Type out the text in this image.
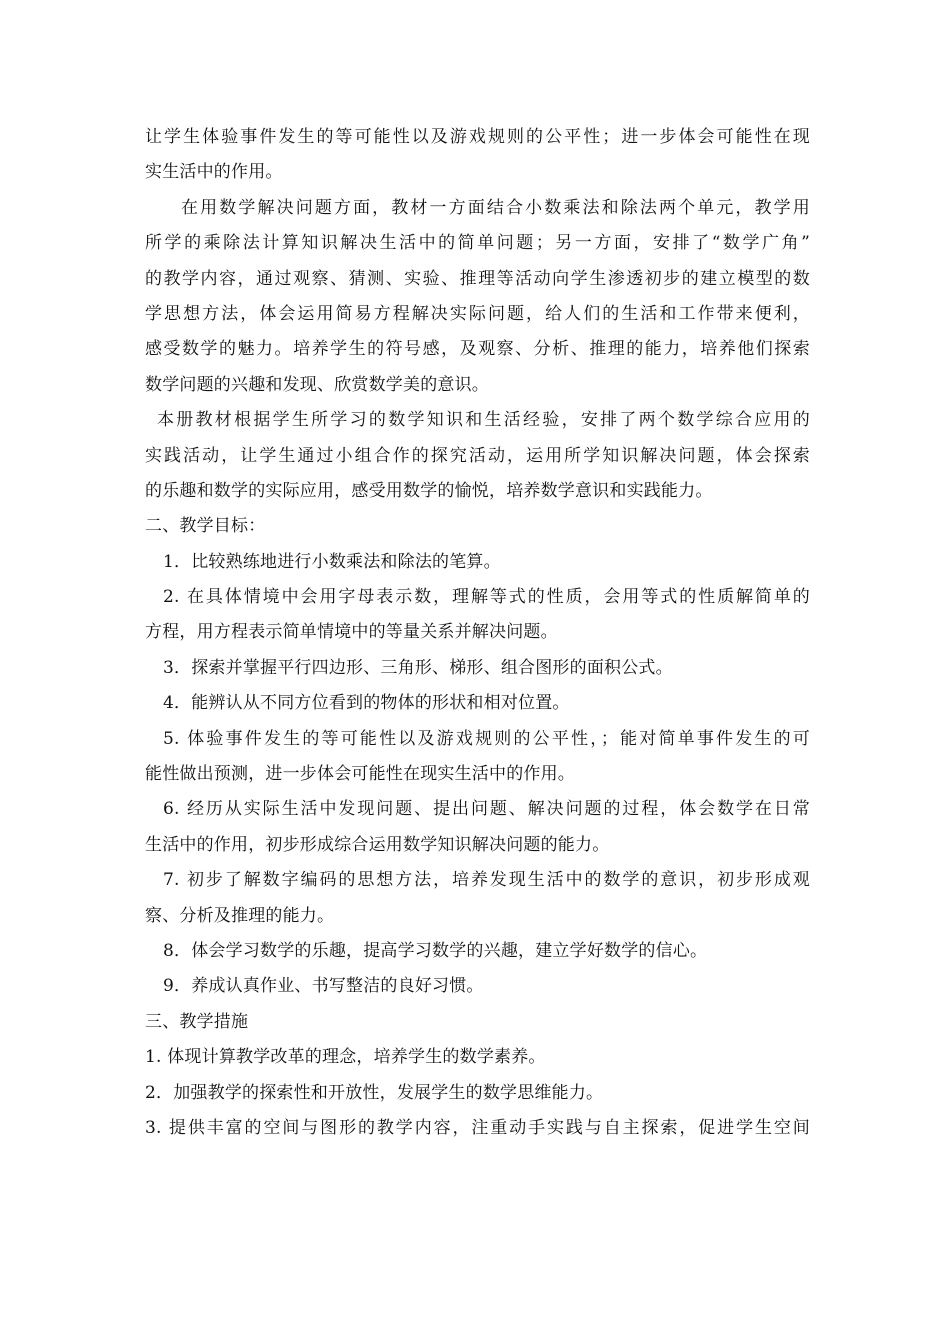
让学生体验事件发生的等可能性以及游戏规则的公平性；进一步体会可能性在现
实生活中的作用。
在用数学解决问题方面，教材一方面结合小数乘法和除法两个单元，教学用
所学的乘除法计算知识解决生活中的简单问题；另一方面，安排了“数学广角”
的教学内容，通过观察、猜测、实验、推理等活动向学生渗透初步的建立模型的数
学思想方法，体会运用简易方程解决实际问题，给人们的生活和工作带来便利，
感受数学的魅力。培养学生的符号感，及观察、分析、推理的能力，培养他们探索
数学问题的兴趣和发现、欣赏数学美的意识。
本册教材根据学生所学习的数学知识和生活经验，安排了两个数学综合应用的
实践活动，让学生通过小组合作的探究活动，运用所学知识解决问题，体会探索
的乐趣和数学的实际应用，感受用数学的愉悦，培养数学意识和实践能力。
二、教学目标：
1．比较熟练地进行小数乘法和除法的笔算。
2. 在具体情境中会用字母表示数，理解等式的性质，会用等式的性质解简单的
方程，用方程表示简单情境中的等量关系并解决问题。
3．探索并掌握平行四边形、三角形、梯形、组合图形的面积公式。
4．能辨认从不同方位看到的物体的形状和相对位置。
5. 体验事件发生的等可能性以及游戏规则的公平性，；能对简单事件发生的可
能性做出预测，进一步体会可能性在现实生活中的作用。
6. 经历从实际生活中发现问题、提出问题、解决问题的过程，体会数学在日常
生活中的作用，初步形成综合运用数学知识解决问题的能力。
7. 初步了解数字编码的思想方法，培养发现生活中的数学的意识，初步形成观
察、分析及推理的能力。
8．体会学习数学的乐趣，提高学习数学的兴趣，建立学好数学的信心。
9．养成认真作业、书写整洁的良好习惯。
三、教学措施
1. 体现计算教学改革的理念，培养学生的数学素养。
2．加强教学的探索性和开放性，发展学生的数学思维能力。
3. 提供丰富的空间与图形的教学内容，注重动手实践与自主探索，促进学生空间
